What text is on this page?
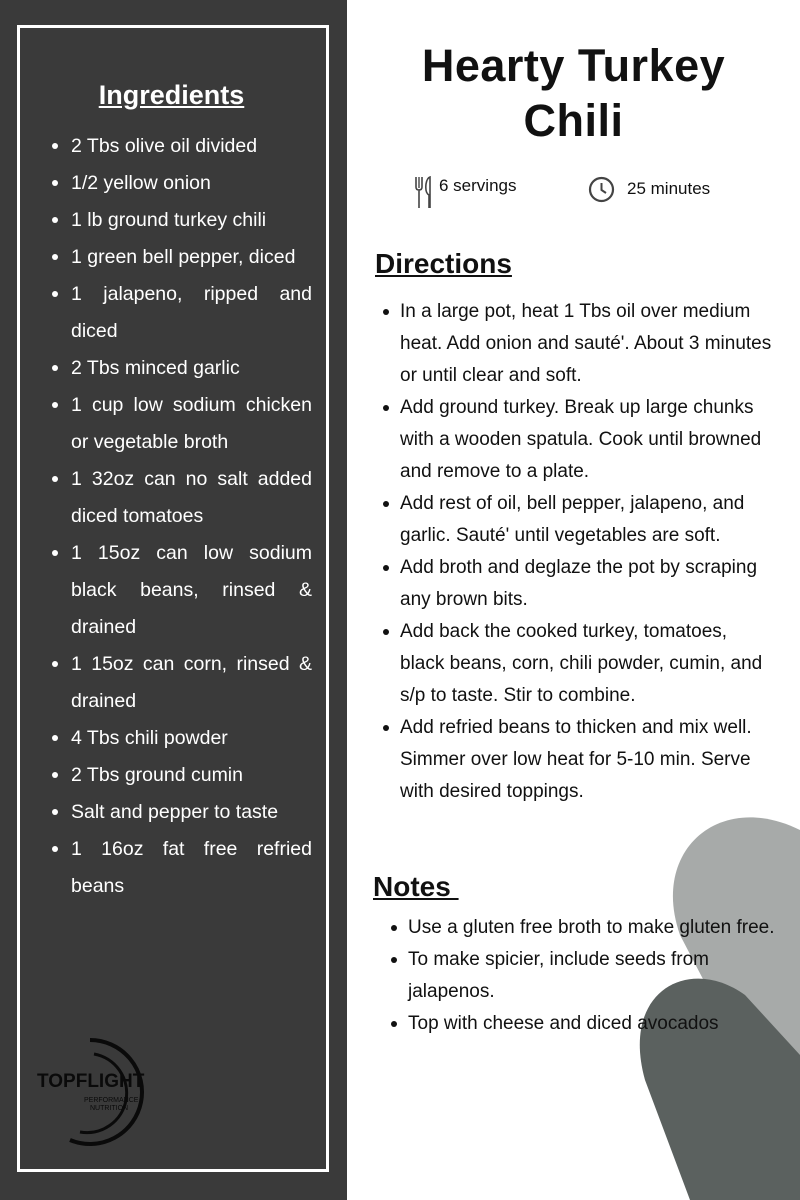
Ingredients
2 Tbs olive oil divided
1/2 yellow onion
1 lb ground turkey chili
1 green bell pepper, diced
1 jalapeno, ripped and diced
2 Tbs minced garlic
1 cup low sodium chicken or vegetable broth
1 32oz can no salt added diced tomatoes
1 15oz can low sodium black beans, rinsed & drained
1 15oz can corn, rinsed & drained
4 Tbs chili powder
2 Tbs ground cumin
Salt and pepper to taste
1 16oz fat free refried beans
TOPFLIGHT
PERFORMANCE
NUTRITION
Hearty Turkey
Chili
6 servings	25 minutes
Directions
In a large pot, heat 1 Tbs oil over medium heat. Add onion and sauté'. About 3 minutes or until clear and soft.
Add ground turkey. Break up large chunks with a wooden spatula. Cook until browned and remove to a plate.
Add rest of oil, bell pepper, jalapeno, and garlic. Sauté' until vegetables are soft.
Add broth and deglaze the pot by scraping any brown bits.
Add back the cooked turkey, tomatoes, black beans, corn, chili powder, cumin, and s/p to taste. Stir to combine.
Add refried beans to thicken and mix well. Simmer over low heat for 5-10 min. Serve with desired toppings.
Notes
Use a gluten free broth to make gluten free.
To make spicier, include seeds from jalapenos.
Top with cheese and diced avocados
